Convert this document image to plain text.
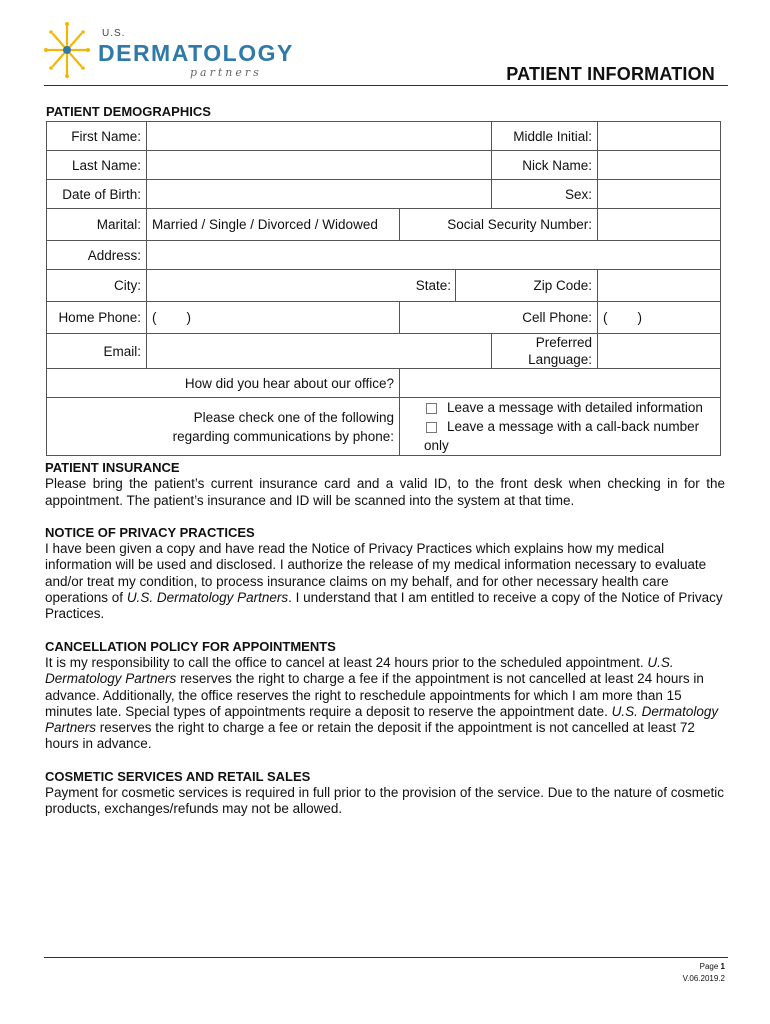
U.S.
DERMATOLOGY
partners	PATIENT INFORMATION
PATIENT DEMOGRAPHICS
First Name:				Middle Initial:	
Last Name:				Nick Name:	
Date of Birth:				Sex:	
Marital:	Married / Single / Divorced / Widowed	Social Security Number:			
Address:					
City:		State:	Zip Code:		
Home Phone:	(        )	Cell Phone:			(        )
Email:				Preferred
Language:	
How did you hear about our office?					
Please check one of the following
regarding communications by phone:		Leave a message with detailed information
Leave a message with a call-back number only			
PATIENT INSURANCE

Please bring the patient’s current insurance card and a valid ID, to the front desk when checking in for the appointment. The patient’s insurance and ID will be scanned into the system at that time.

NOTICE OF PRIVACY PRACTICES

I have been given a copy and have read the Notice of Privacy Practices which explains how my medical information will be used and disclosed. I authorize the release of my medical information necessary to evaluate and/or treat my condition, to process insurance claims on my behalf, and for other necessary health care operations of U.S. Dermatology Partners. I understand that I am entitled to receive a copy of the Notice of Privacy Practices.

CANCELLATION POLICY FOR APPOINTMENTS

It is my responsibility to call the office to cancel at least 24 hours prior to the scheduled appointment. U.S. Dermatology Partners reserves the right to charge a fee if the appointment is not cancelled at least 24 hours in advance. Additionally, the office reserves the right to reschedule appointments for which I am more than 15 minutes late. Special types of appointments require a deposit to reserve the appointment date. U.S. Dermatology Partners reserves the right to charge a fee or retain the deposit if the appointment is not cancelled at least 72 hours in advance.

COSMETIC SERVICES AND RETAIL SALES

Payment for cosmetic services is required in full prior to the provision of the service. Due to the nature of cosmetic products, exchanges/refunds may not be allowed.

Page 1
V.06.2019.2
